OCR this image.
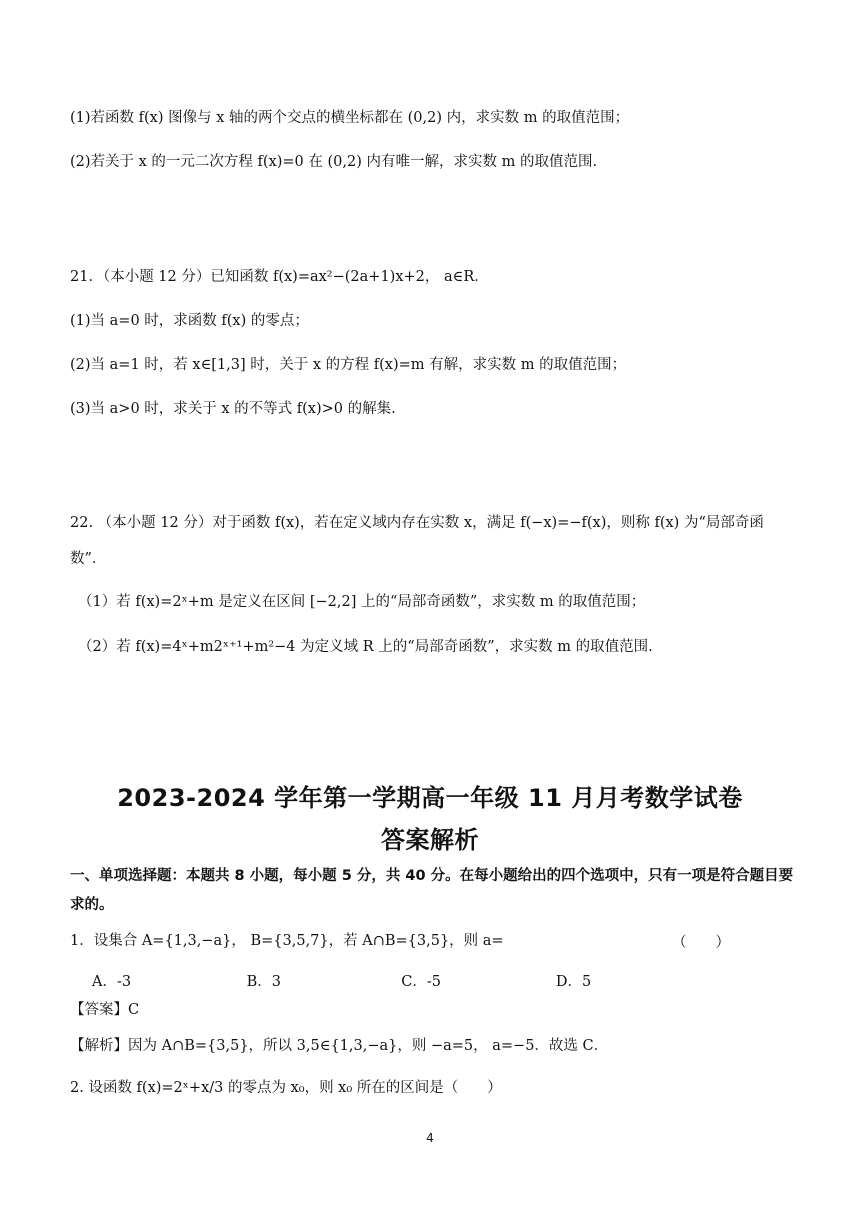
(1)若函数 f(x) 图像与 x 轴的两个交点的横坐标都在 (0,2) 内，求实数 m 的取值范围；
(2)若关于 x 的一元二次方程 f(x)=0 在 (0,2) 内有唯一解，求实数 m 的取值范围.
21．（本小题 12 分）已知函数 f(x)=ax²−(2a+1)x+2， a∈R．
(1)当 a=0 时，求函数 f(x) 的零点；
(2)当 a=1 时，若 x∈[1,3] 时，关于 x 的方程 f(x)=m 有解，求实数 m 的取值范围；
(3)当 a>0 时，求关于 x 的不等式 f(x)>0 的解集.
22. （本小题 12 分）对于函数 f(x)，若在定义域内存在实数 x，满足 f(−x)=−f(x)，则称 f(x) 为“局部奇函数”．
（1）若 f(x)=2ˣ+m 是定义在区间 [−2,2] 上的“局部奇函数”，求实数 m 的取值范围；
（2）若 f(x)=4ˣ+m2ˣ⁺¹+m²−4 为定义域 R 上的“局部奇函数”，求实数 m 的取值范围.
2023-2024 学年第一学期高一年级 11 月月考数学试卷
答案解析
一、单项选择题：本题共 8 小题，每小题 5 分，共 40 分。在每小题给出的四个选项中，只有一项是符合题目要求的。
1．设集合 A={1,3,−a}， B={3,5,7}，若 A∩B={3,5}，则 a=	（　　）
A．-3	B．3	C．-5	D．5
【答案】C
【解析】因为 A∩B={3,5}，所以 3,5∈{1,3,−a}，则 −a=5， a=−5．故选 C．
2. 设函数 f(x)=2ˣ+x/3 的零点为 x₀，则 x₀ 所在的区间是（　　）
4
